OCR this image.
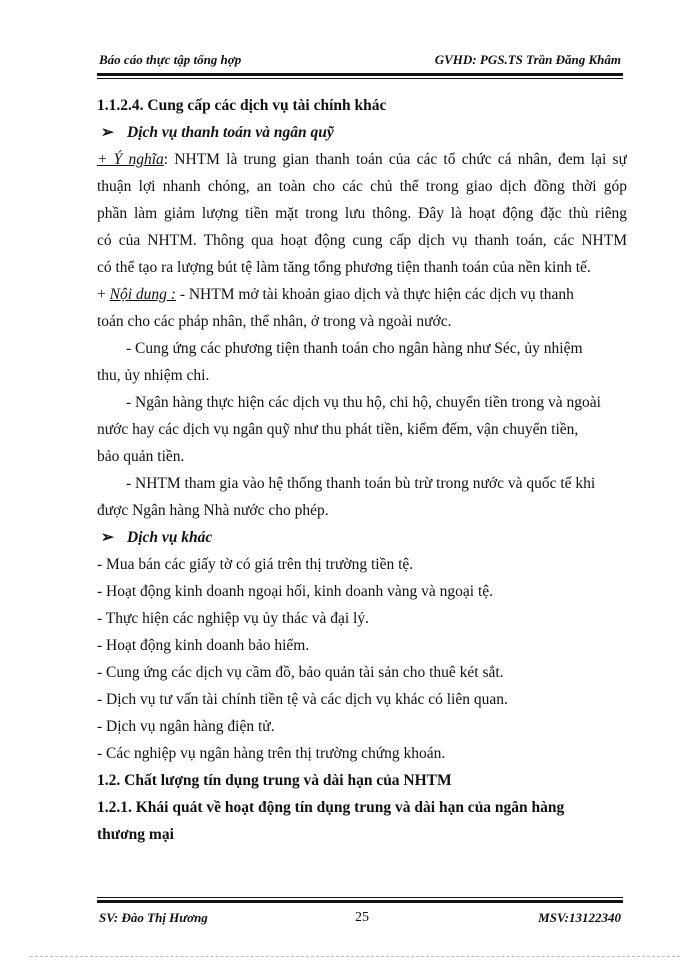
Báo cáo thực tập tổng hợp	GVHD: PGS.TS Trần Đăng Khâm
1.1.2.4. Cung cấp các dịch vụ tài chính khác
➢ Dịch vụ thanh toán và ngân quỹ
+ Ý nghĩa: NHTM là trung gian thanh toán của các tổ chức cá nhân, đem lại sự
thuận lợi nhanh chóng, an toàn cho các chủ thể trong giao dịch đồng thời góp
phần làm giảm lượng tiền mặt trong lưu thông. Đây là hoạt động đặc thù riêng
có của NHTM. Thông qua hoạt động cung cấp dịch vụ thanh toán, các NHTM
có thể tạo ra lượng bút tệ làm tăng tổng phương tiện thanh toán của nền kinh tế.
+ Nội dung : - NHTM mở tài khoản giao dịch và thực hiện các dịch vụ thanh
toán cho các pháp nhân, thể nhân, ở trong và ngoài nước.
- Cung ứng các phương tiện thanh toán cho ngân hàng như Séc, ủy nhiệm
thu, ủy nhiệm chi.
- Ngân hàng thực hiện các dịch vụ thu hộ, chi hộ, chuyển tiền trong và ngoài
nước hay các dịch vụ ngân quỹ như thu phát tiền, kiểm đếm, vận chuyển tiền,
bảo quản tiền.
- NHTM tham gia vào hệ thống thanh toán bù trừ trong nước và quốc tế khi
được Ngân hàng Nhà nước cho phép.
➢ Dịch vụ khác
- Mua bán các giấy tờ có giá trên thị trường tiền tệ.
- Hoạt động kinh doanh ngoại hối, kinh doanh vàng và ngoại tệ.
- Thực hiện các nghiệp vụ ủy thác và đại lý.
- Hoạt động kinh doanh bảo hiểm.
- Cung ứng các dịch vụ cầm đồ, bảo quản tài sản cho thuê két sắt.
- Dịch vụ tư vấn tài chính tiền tệ và các dịch vụ khác có liên quan.
- Dịch vụ ngân hàng điện tử.
- Các nghiệp vụ ngân hàng trên thị trường chứng khoán.
1.2. Chất lượng tín dụng trung và dài hạn của NHTM
1.2.1. Khái quát về hoạt động tín dụng trung và dài hạn của ngân hàng
thương mại
SV: Đào Thị Hương	25	MSV:13122340
